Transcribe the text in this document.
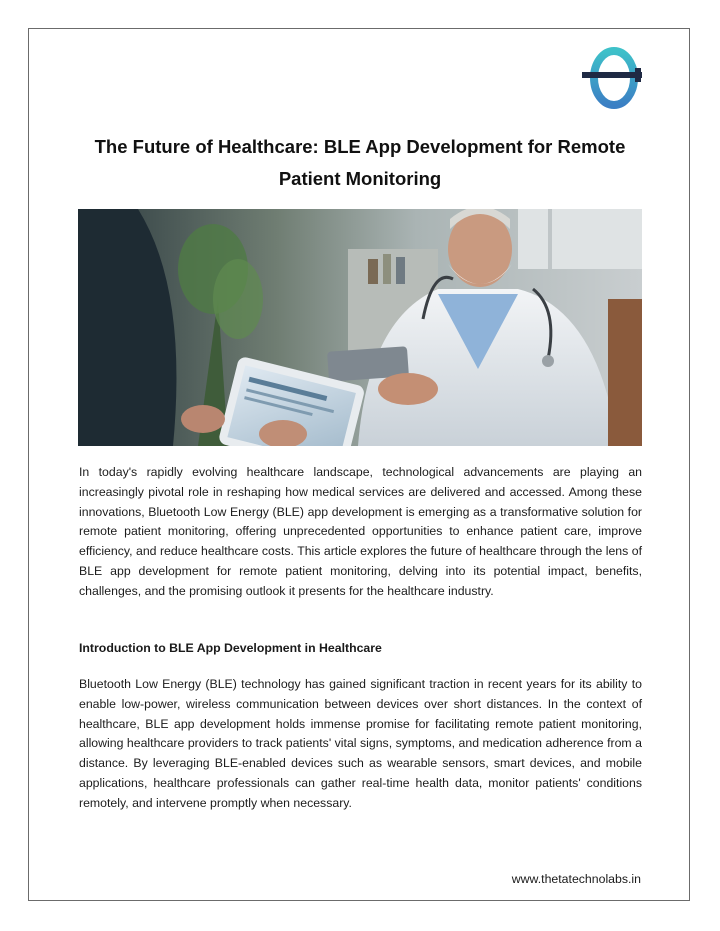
The Future of Healthcare: BLE App Development for Remote Patient Monitoring

In today's rapidly evolving healthcare landscape, technological advancements are playing an increasingly pivotal role in reshaping how medical services are delivered and accessed. Among these innovations, Bluetooth Low Energy (BLE) app development is emerging as a transformative solution for remote patient monitoring, offering unprecedented opportunities to enhance patient care, improve efficiency, and reduce healthcare costs. This article explores the future of healthcare through the lens of BLE app development for remote patient monitoring, delving into its potential impact, benefits, challenges, and the promising outlook it presents for the healthcare industry.

Introduction to BLE App Development in Healthcare

Bluetooth Low Energy (BLE) technology has gained significant traction in recent years for its ability to enable low-power, wireless communication between devices over short distances. In the context of healthcare, BLE app development holds immense promise for facilitating remote patient monitoring, allowing healthcare providers to track patients' vital signs, symptoms, and medication adherence from a distance. By leveraging BLE-enabled devices such as wearable sensors, smart devices, and mobile applications, healthcare professionals can gather real-time health data, monitor patients' conditions remotely, and intervene promptly when necessary.

www.thetatechnolabs.in
